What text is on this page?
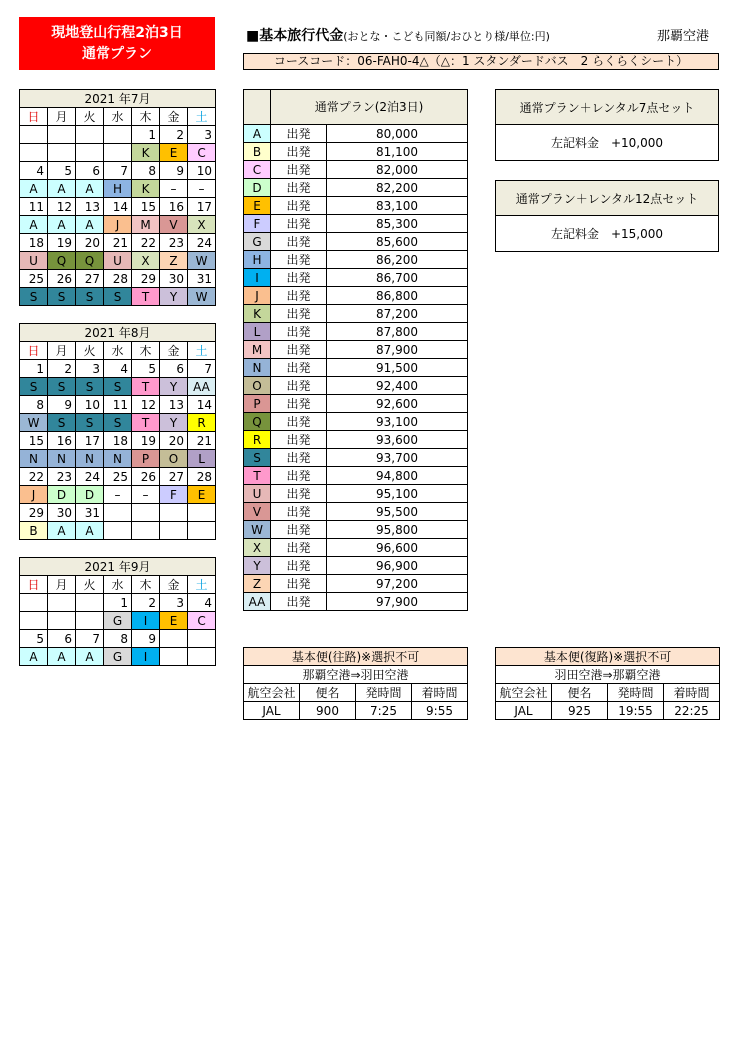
現地登山行程2泊3日
通常プラン
■基本旅行代金(おとな・こども同額/おひとり様/単位:円)	那覇空港
コースコード：06-FAH0-4△（△：1 スタンダードバス　2 らくらくシート）
2021 年7月						
日	月	火	水	木	金	土
				1	2	3
				K	E	C
4	5	6	7	8	9	10
A	A	A	H	K	–	–
11	12	13	14	15	16	17
A	A	A	J	M	V	X
18	19	20	21	22	23	24
U	Q	Q	U	X	Z	W
25	26	27	28	29	30	31
S	S	S	S	T	Y	W
2021 年8月						
日	月	火	水	木	金	土
1	2	3	4	5	6	7
S	S	S	S	T	Y	AA
8	9	10	11	12	13	14
W	S	S	S	T	Y	R
15	16	17	18	19	20	21
N	N	N	N	P	O	L
22	23	24	25	26	27	28
J	D	D	–	–	F	E
29	30	31				
B	A	A				
2021 年9月						
日	月	火	水	木	金	土
			1	2	3	4
			G	I	E	C
5	6	7	8	9		
A	A	A	G	I		
	通常プラン(2泊3日)	
A	出発	80,000
B	出発	81,100
C	出発	82,000
D	出発	82,200
E	出発	83,100
F	出発	85,300
G	出発	85,600
H	出発	86,200
I	出発	86,700
J	出発	86,800
K	出発	87,200
L	出発	87,800
M	出発	87,900
N	出発	91,500
O	出発	92,400
P	出発	92,600
Q	出発	93,100
R	出発	93,600
S	出発	93,700
T	出発	94,800
U	出発	95,100
V	出発	95,500
W	出発	95,800
X	出発	96,600
Y	出発	96,900
Z	出発	97,200
AA	出発	97,900
通常プラン＋レンタル7点セット
左記料金　+10,000
通常プラン＋レンタル12点セット
左記料金　+15,000
基本便(往路)※選択不可			
那覇空港⇒羽田空港			
航空会社	便名	発時間	着時間
JAL	900	7:25	9:55
基本便(復路)※選択不可			
羽田空港⇒那覇空港			
航空会社	便名	発時間	着時間
JAL	925	19:55	22:25
